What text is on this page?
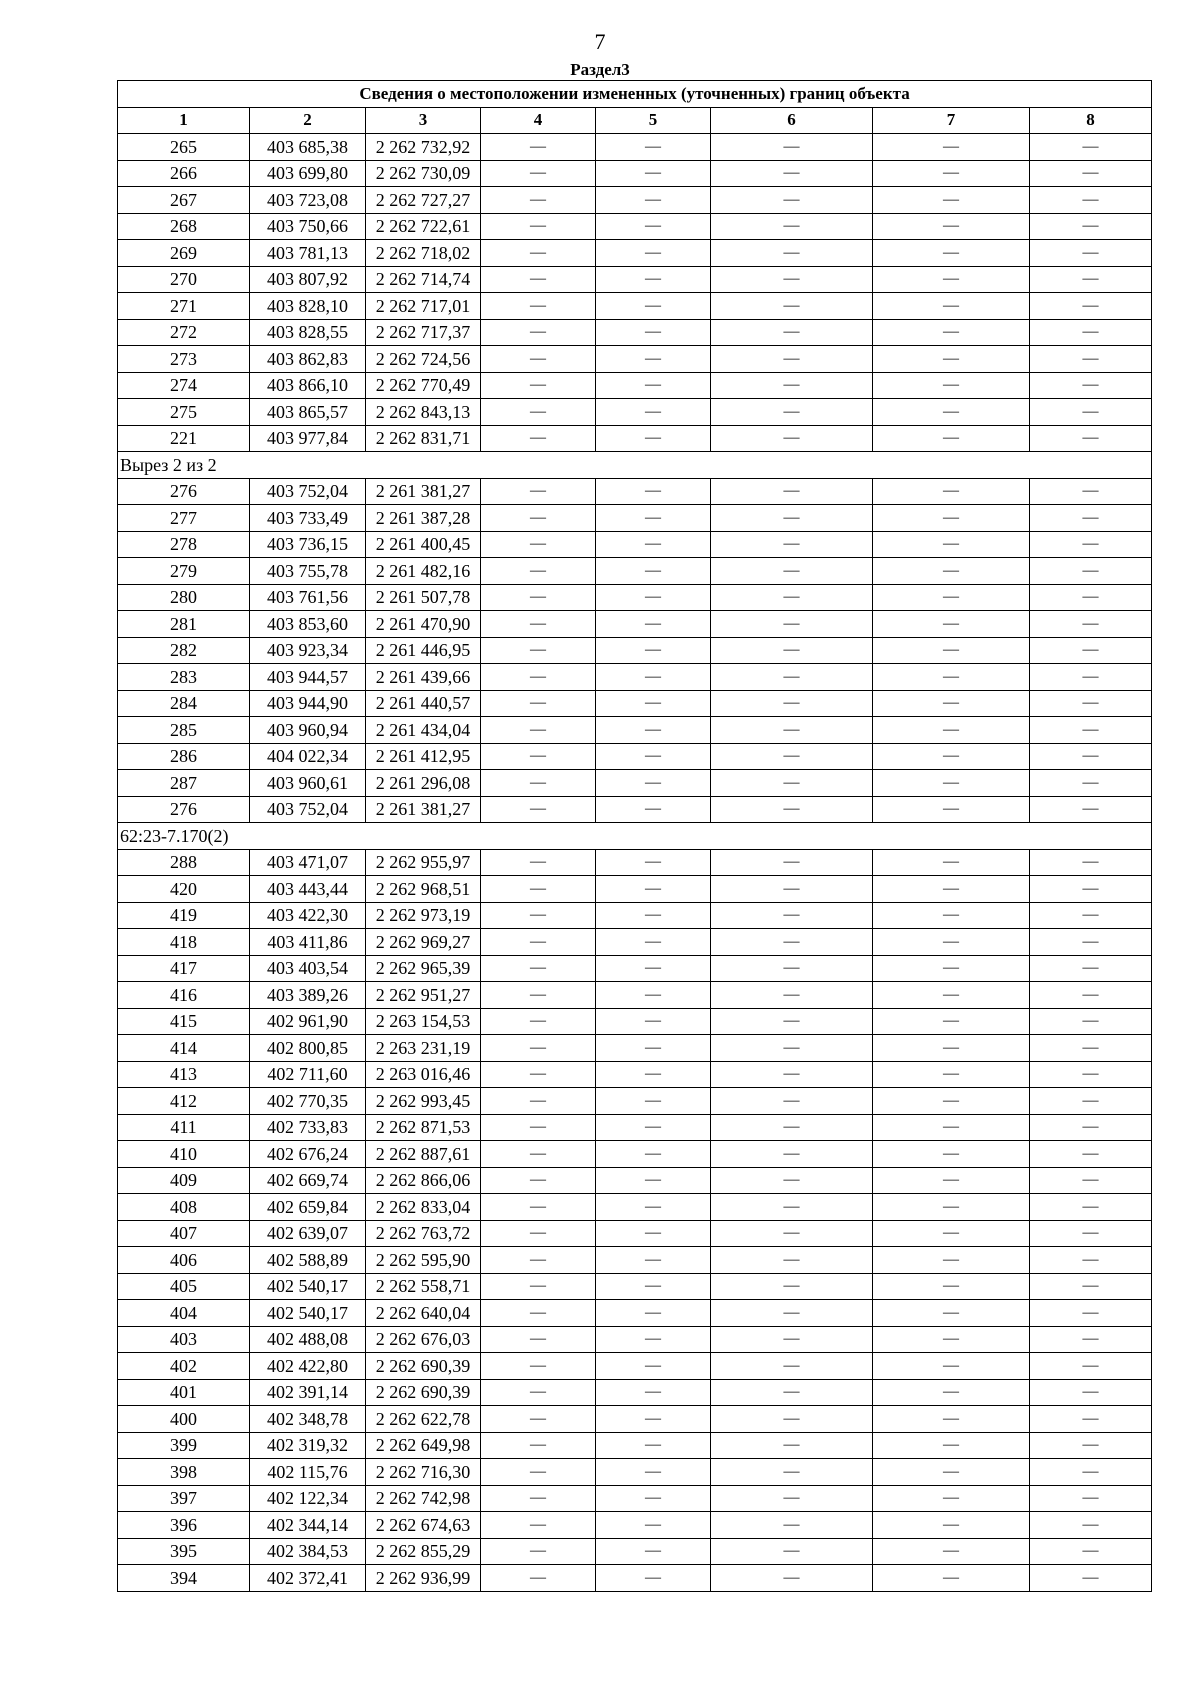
7
Раздел3
Сведения о местоположении измененных (уточненных) границ объекта							
1	2	3	4	5	6	7	8
265	403 685,38	2 262 732,92	—	—	—	—	—
266	403 699,80	2 262 730,09	—	—	—	—	—
267	403 723,08	2 262 727,27	—	—	—	—	—
268	403 750,66	2 262 722,61	—	—	—	—	—
269	403 781,13	2 262 718,02	—	—	—	—	—
270	403 807,92	2 262 714,74	—	—	—	—	—
271	403 828,10	2 262 717,01	—	—	—	—	—
272	403 828,55	2 262 717,37	—	—	—	—	—
273	403 862,83	2 262 724,56	—	—	—	—	—
274	403 866,10	2 262 770,49	—	—	—	—	—
275	403 865,57	2 262 843,13	—	—	—	—	—
221	403 977,84	2 262 831,71	—	—	—	—	—
Вырез 2 из 2							
276	403 752,04	2 261 381,27	—	—	—	—	—
277	403 733,49	2 261 387,28	—	—	—	—	—
278	403 736,15	2 261 400,45	—	—	—	—	—
279	403 755,78	2 261 482,16	—	—	—	—	—
280	403 761,56	2 261 507,78	—	—	—	—	—
281	403 853,60	2 261 470,90	—	—	—	—	—
282	403 923,34	2 261 446,95	—	—	—	—	—
283	403 944,57	2 261 439,66	—	—	—	—	—
284	403 944,90	2 261 440,57	—	—	—	—	—
285	403 960,94	2 261 434,04	—	—	—	—	—
286	404 022,34	2 261 412,95	—	—	—	—	—
287	403 960,61	2 261 296,08	—	—	—	—	—
276	403 752,04	2 261 381,27	—	—	—	—	—
62:23-7.170(2)							
288	403 471,07	2 262 955,97	—	—	—	—	—
420	403 443,44	2 262 968,51	—	—	—	—	—
419	403 422,30	2 262 973,19	—	—	—	—	—
418	403 411,86	2 262 969,27	—	—	—	—	—
417	403 403,54	2 262 965,39	—	—	—	—	—
416	403 389,26	2 262 951,27	—	—	—	—	—
415	402 961,90	2 263 154,53	—	—	—	—	—
414	402 800,85	2 263 231,19	—	—	—	—	—
413	402 711,60	2 263 016,46	—	—	—	—	—
412	402 770,35	2 262 993,45	—	—	—	—	—
411	402 733,83	2 262 871,53	—	—	—	—	—
410	402 676,24	2 262 887,61	—	—	—	—	—
409	402 669,74	2 262 866,06	—	—	—	—	—
408	402 659,84	2 262 833,04	—	—	—	—	—
407	402 639,07	2 262 763,72	—	—	—	—	—
406	402 588,89	2 262 595,90	—	—	—	—	—
405	402 540,17	2 262 558,71	—	—	—	—	—
404	402 540,17	2 262 640,04	—	—	—	—	—
403	402 488,08	2 262 676,03	—	—	—	—	—
402	402 422,80	2 262 690,39	—	—	—	—	—
401	402 391,14	2 262 690,39	—	—	—	—	—
400	402 348,78	2 262 622,78	—	—	—	—	—
399	402 319,32	2 262 649,98	—	—	—	—	—
398	402 115,76	2 262 716,30	—	—	—	—	—
397	402 122,34	2 262 742,98	—	—	—	—	—
396	402 344,14	2 262 674,63	—	—	—	—	—
395	402 384,53	2 262 855,29	—	—	—	—	—
394	402 372,41	2 262 936,99	—	—	—	—	—
